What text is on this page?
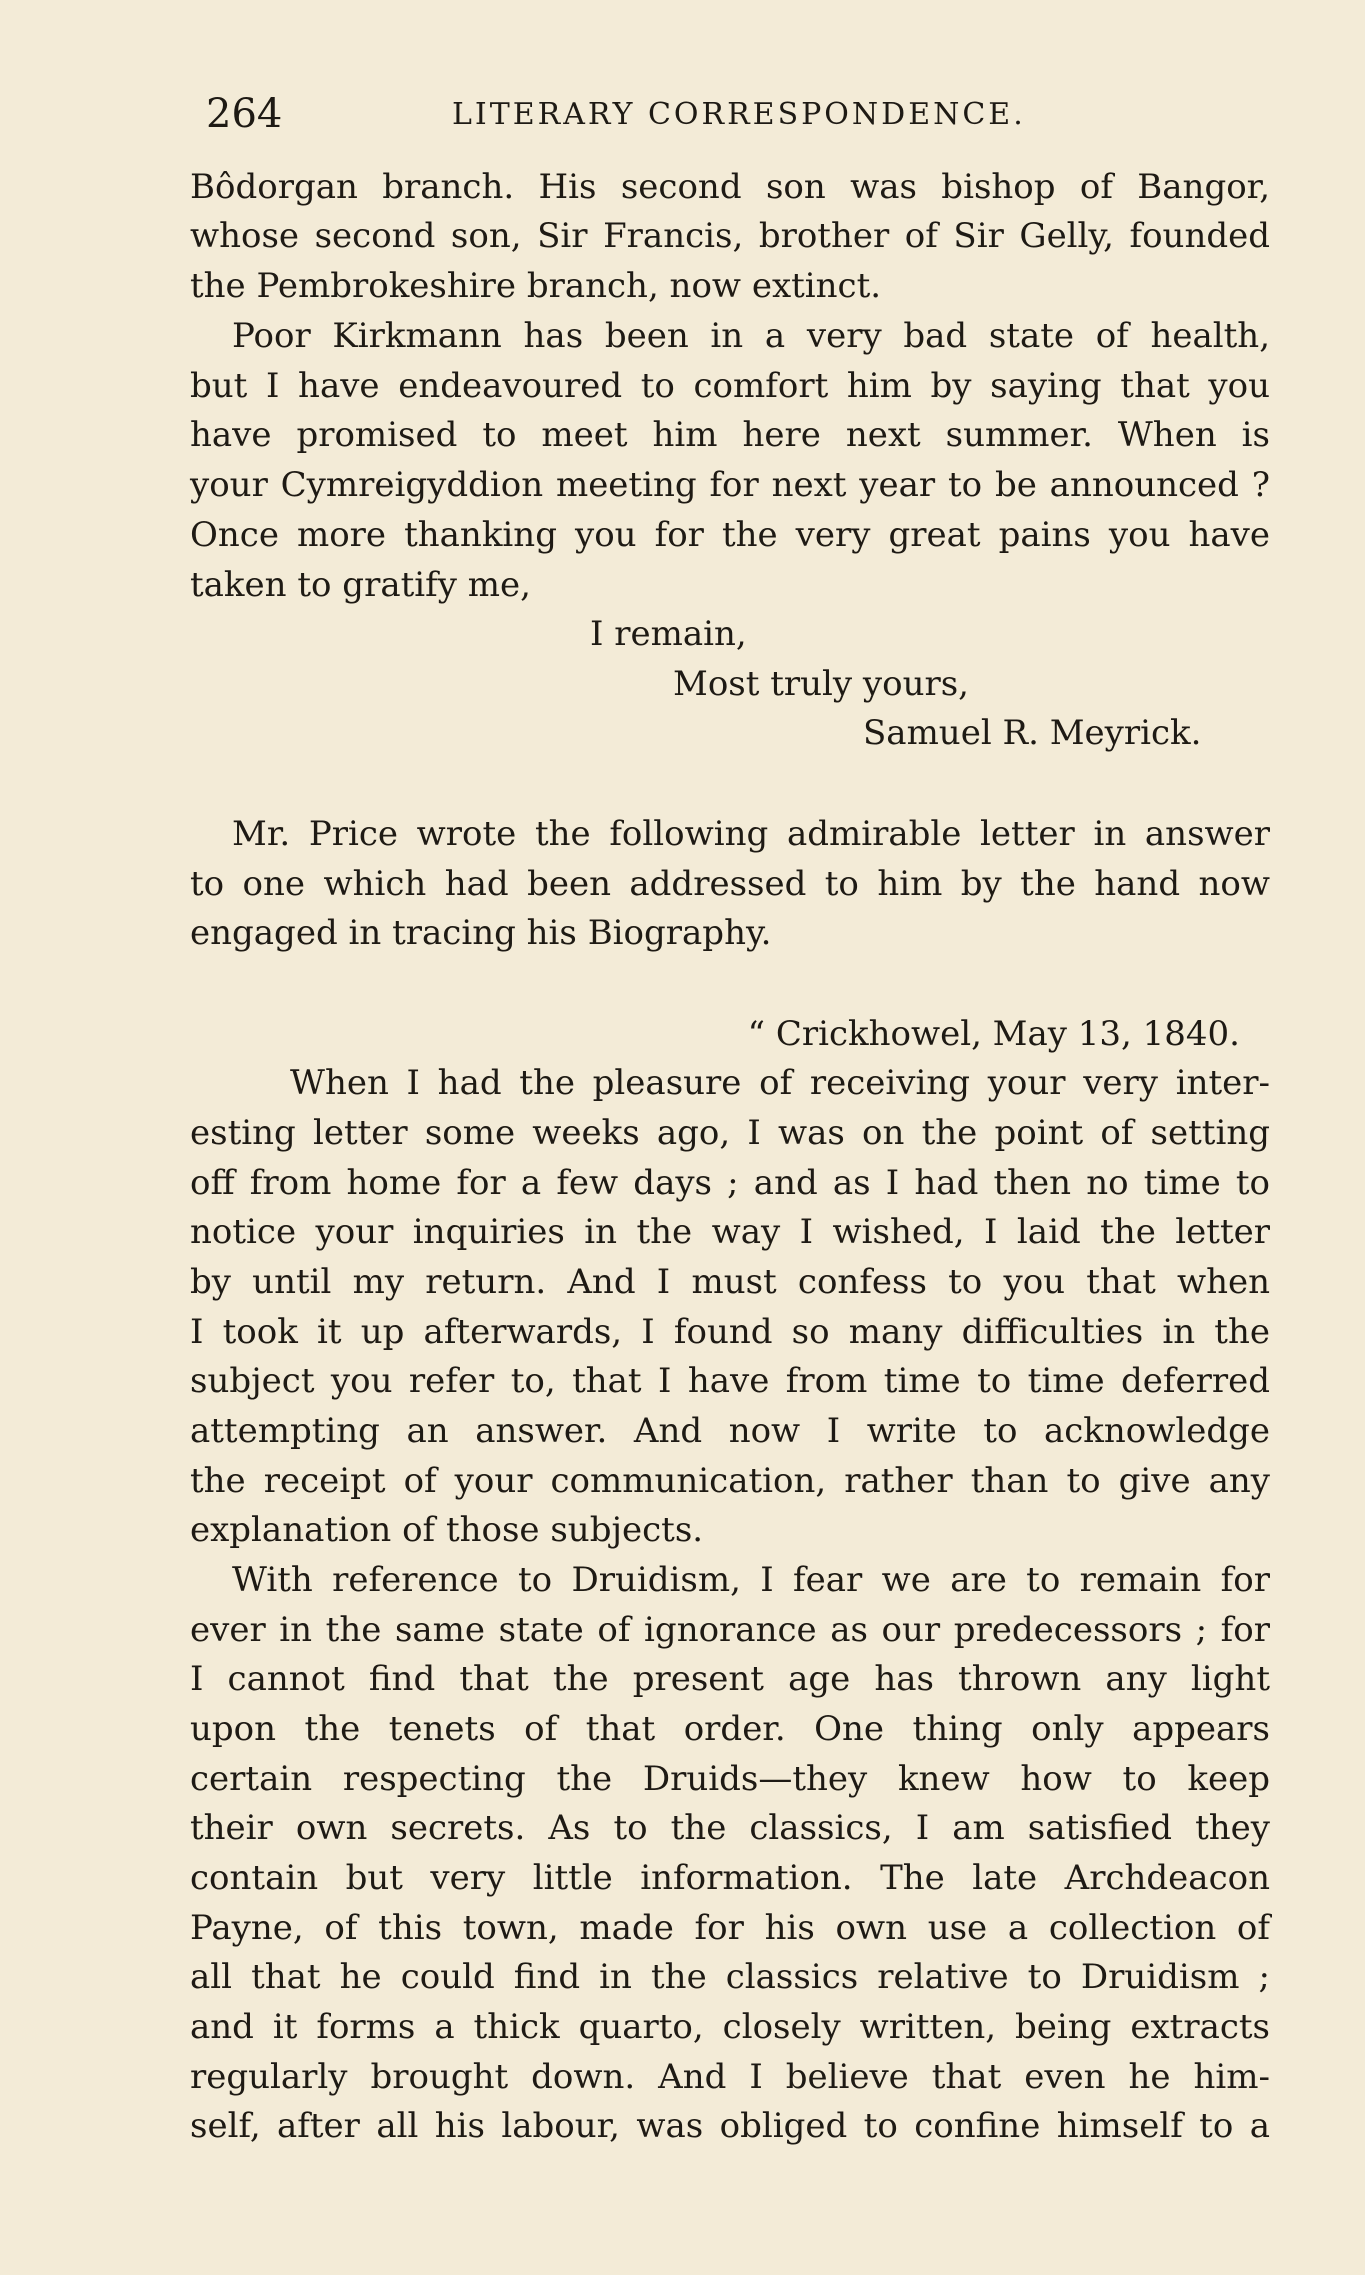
264	LITERARY CORRESPONDENCE.
Bôdorgan branch. His second son was bishop of Bangor,
whose second son, Sir Francis, brother of Sir Gelly, founded
the Pembrokeshire branch, now extinct.
Poor Kirkmann has been in a very bad state of health,
but I have endeavoured to comfort him by saying that you
have promised to meet him here next summer. When is
your Cymreigyddion meeting for next year to be announced ?
Once more thanking you for the very great pains you have
taken to gratify me,
I remain,
Most truly yours,
Samuel R. Meyrick.
Mr. Price wrote the following admirable letter in answer
to one which had been addressed to him by the hand now
engaged in tracing his Biography.
“ Crickhowel, May 13, 1840.
When I had the pleasure of receiving your very inter-
esting letter some weeks ago, I was on the point of setting
off from home for a few days ; and as I had then no time to
notice your inquiries in the way I wished, I laid the letter
by until my return. And I must confess to you that when
I took it up afterwards, I found so many difficulties in the
subject you refer to, that I have from time to time deferred
attempting an answer. And now I write to acknowledge
the receipt of your communication, rather than to give any
explanation of those subjects.
With reference to Druidism, I fear we are to remain for
ever in the same state of ignorance as our predecessors ; for
I cannot find that the present age has thrown any light
upon the tenets of that order. One thing only appears
certain respecting the Druids—they knew how to keep
their own secrets. As to the classics, I am satisfied they
contain but very little information. The late Archdeacon
Payne, of this town, made for his own use a collection of
all that he could find in the classics relative to Druidism ;
and it forms a thick quarto, closely written, being extracts
regularly brought down. And I believe that even he him-
self, after all his labour, was obliged to confine himself to a
